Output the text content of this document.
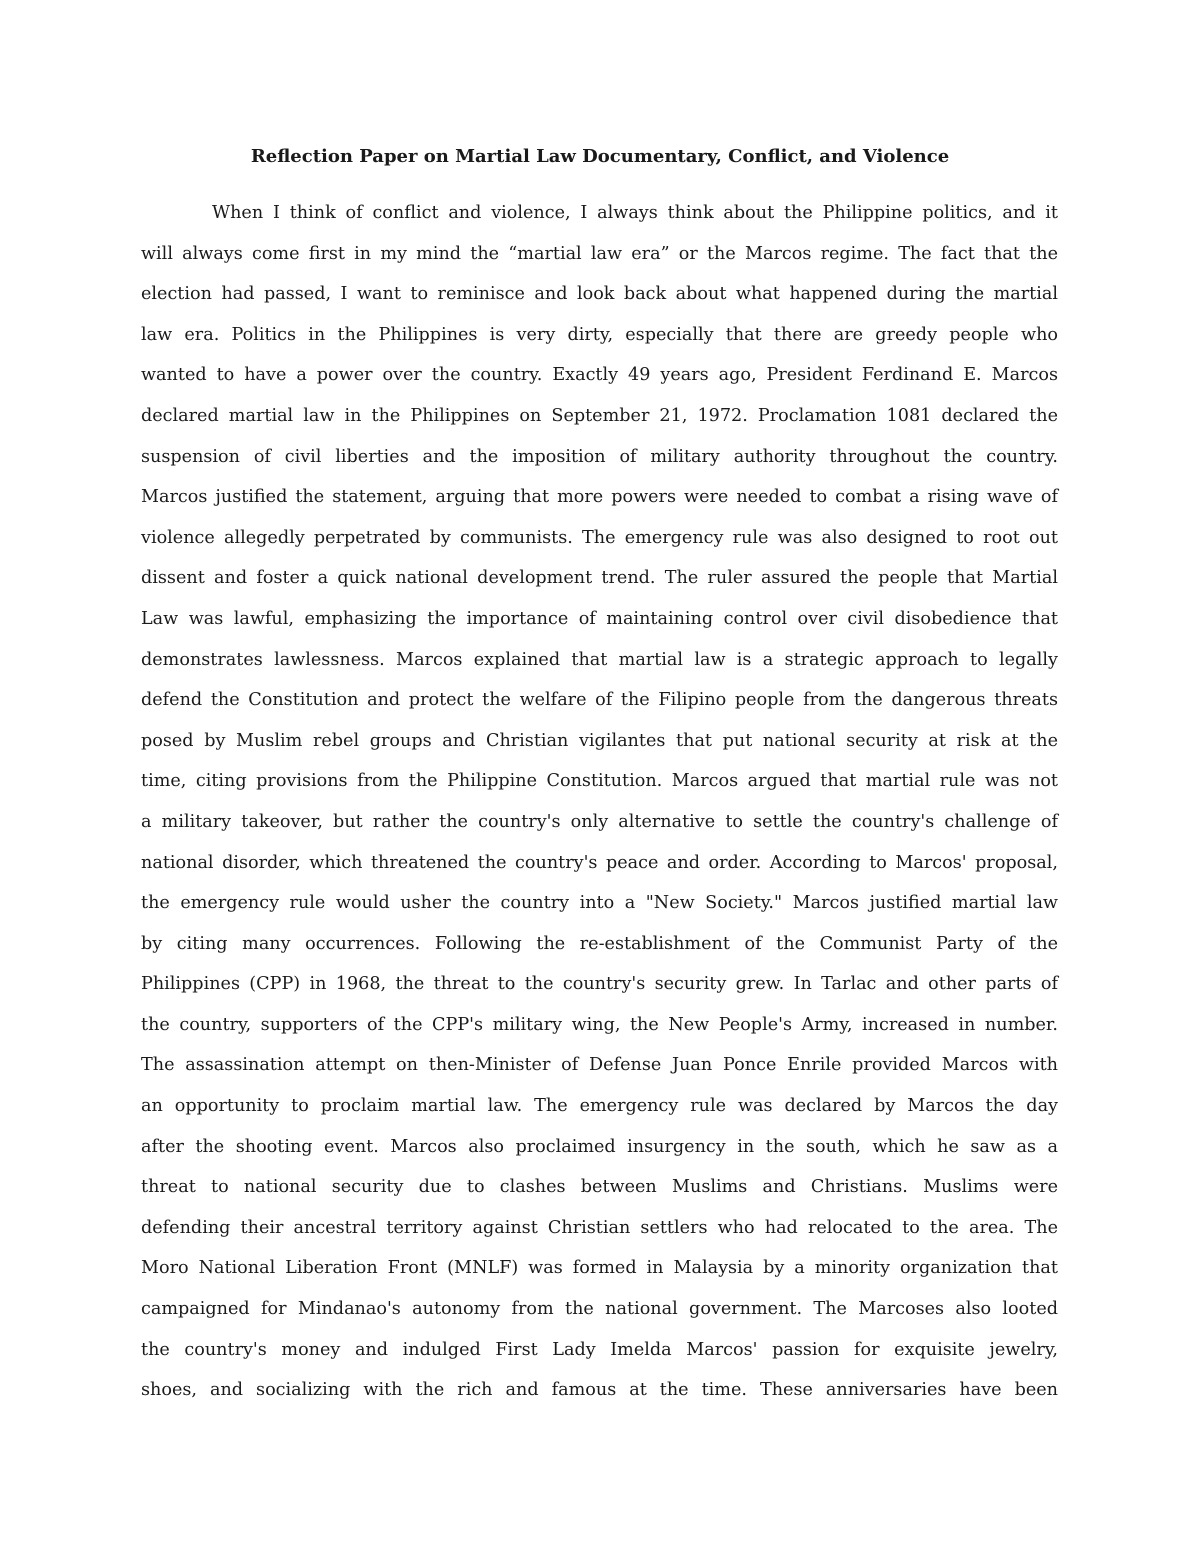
Reflection Paper on Martial Law Documentary, Conflict, and Violence
When I think of conflict and violence, I always think about the Philippine politics, and it
will always come first in my mind the “martial law era” or the Marcos regime. The fact that the
election had passed, I want to reminisce and look back about what happened during the martial
law era. Politics in the Philippines is very dirty, especially that there are greedy people who
wanted to have a power over the country. Exactly 49 years ago, President Ferdinand E. Marcos
declared martial law in the Philippines on September 21, 1972. Proclamation 1081 declared the
suspension of civil liberties and the imposition of military authority throughout the country.
Marcos justified the statement, arguing that more powers were needed to combat a rising wave of
violence allegedly perpetrated by communists. The emergency rule was also designed to root out
dissent and foster a quick national development trend. The ruler assured the people that Martial
Law was lawful, emphasizing the importance of maintaining control over civil disobedience that
demonstrates lawlessness. Marcos explained that martial law is a strategic approach to legally
defend the Constitution and protect the welfare of the Filipino people from the dangerous threats
posed by Muslim rebel groups and Christian vigilantes that put national security at risk at the
time, citing provisions from the Philippine Constitution. Marcos argued that martial rule was not
a military takeover, but rather the country's only alternative to settle the country's challenge of
national disorder, which threatened the country's peace and order. According to Marcos' proposal,
the emergency rule would usher the country into a "New Society." Marcos justified martial law
by citing many occurrences. Following the re-establishment of the Communist Party of the
Philippines (CPP) in 1968, the threat to the country's security grew. In Tarlac and other parts of
the country, supporters of the CPP's military wing, the New People's Army, increased in number.
The assassination attempt on then-Minister of Defense Juan Ponce Enrile provided Marcos with
an opportunity to proclaim martial law. The emergency rule was declared by Marcos the day
after the shooting event. Marcos also proclaimed insurgency in the south, which he saw as a
threat to national security due to clashes between Muslims and Christians. Muslims were
defending their ancestral territory against Christian settlers who had relocated to the area. The
Moro National Liberation Front (MNLF) was formed in Malaysia by a minority organization that
campaigned for Mindanao's autonomy from the national government. The Marcoses also looted
the country's money and indulged First Lady Imelda Marcos' passion for exquisite jewelry,
shoes, and socializing with the rich and famous at the time. These anniversaries have been
